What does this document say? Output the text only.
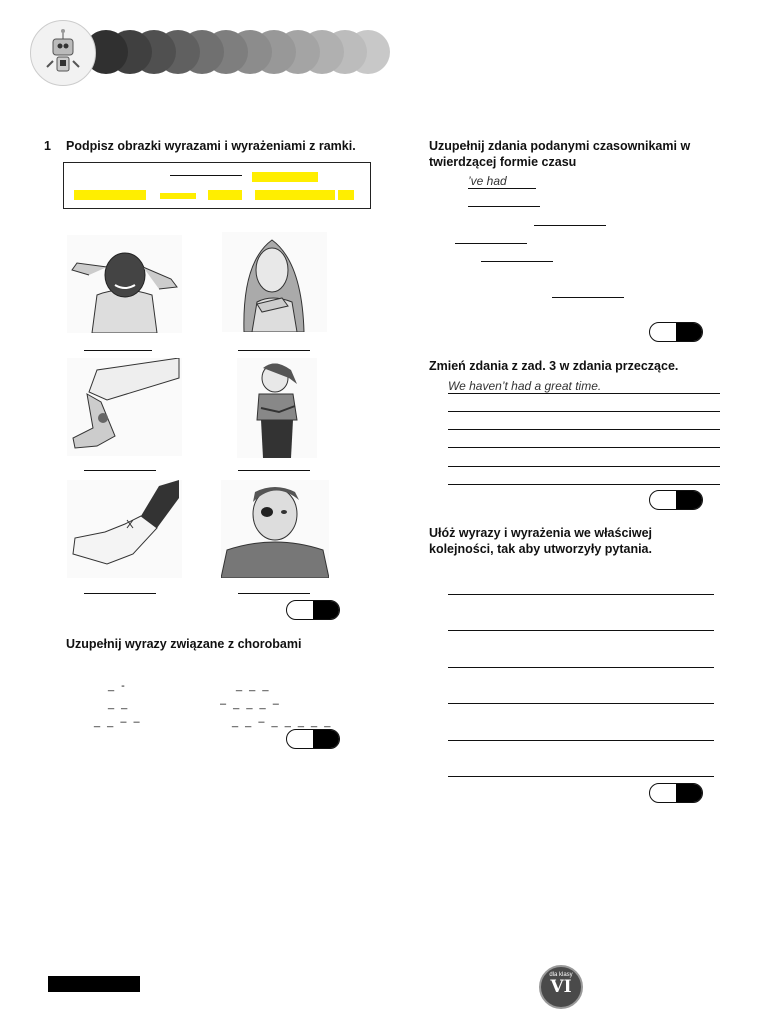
1 Podpisz obrazki wyrazami i wyrażeniami z ramki.
Uzupełnij wyrazy związane z chorobami
_ -	_ _ _
_ _	– _ _ _ –
_ _ – –	_ _ – _ _ _ _ _
Uzupełnij zdania podanymi czasownikami w twierdzącej formie czasu
’ve had
Zmień zdania z zad. 3 w zdania przeczące.
We haven’t had a great time.
Ułóż wyrazy i wyrażenia we właściwej kolejności, tak aby utworzyły pytania.
dla klasy
VI
